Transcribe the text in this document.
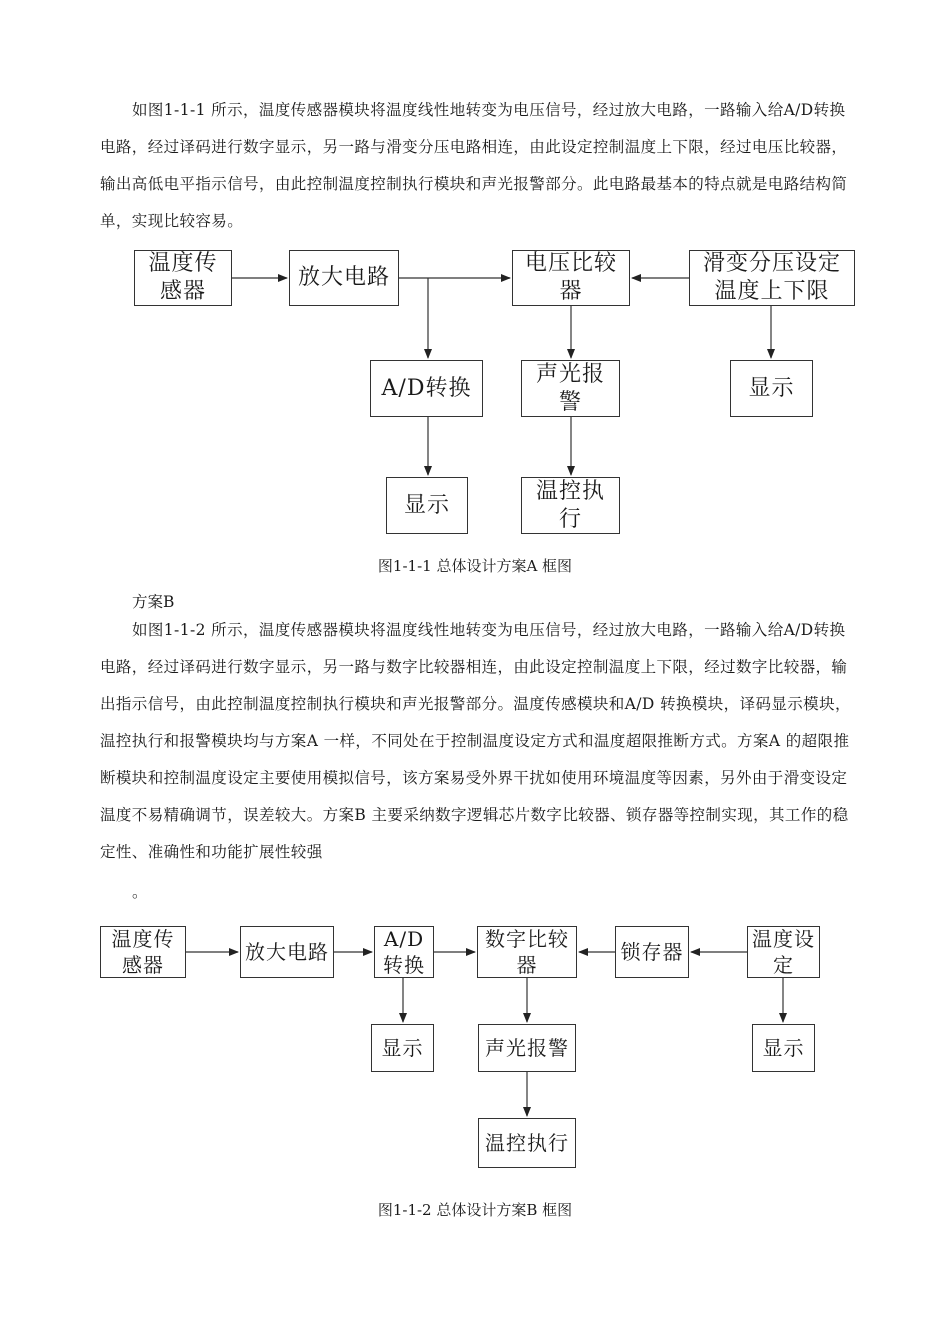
如图1-1-1 所示，温度传感器模块将温度线性地转变为电压信号，经过放大电路，一路输入给A/D转换电路，经过译码进行数字显示，另一路与滑变分压电路相连，由此设定控制温度上下限，经过电压比较器，输出高低电平指示信号，由此控制温度控制执行模块和声光报警部分。此电路最基本的特点就是电路结构简单，实现比较容易。

温度传感器
放大电路
电压比较器
滑变分压设定温度上下限
A/D转换
声光报警
显示
显示
温控执行
图1-1-1 总体设计方案A 框图

方案B

如图1-1-2 所示，温度传感器模块将温度线性地转变为电压信号，经过放大电路，一路输入给A/D转换电路，经过译码进行数字显示，另一路与数字比较器相连，由此设定控制温度上下限，经过数字比较器，输出指示信号，由此控制温度控制执行模块和声光报警部分。温度传感模块和A/D 转换模块，译码显示模块，温控执行和报警模块均与方案A 一样，不同处在于控制温度设定方式和温度超限推断方式。方案A 的超限推断模块和控制温度设定主要使用模拟信号，该方案易受外界干扰如使用环境温度等因素，另外由于滑变设定温度不易精确调节，误差较大。方案B 主要采纳数字逻辑芯片数字比较器、锁存器等控制实现，其工作的稳定性、准确性和功能扩展性较强

。

温度传感器
放大电路
A/D转换
数字比较器
锁存器
温度设定
显示	声光报警	显示
温控执行
图1-1-2 总体设计方案B 框图
